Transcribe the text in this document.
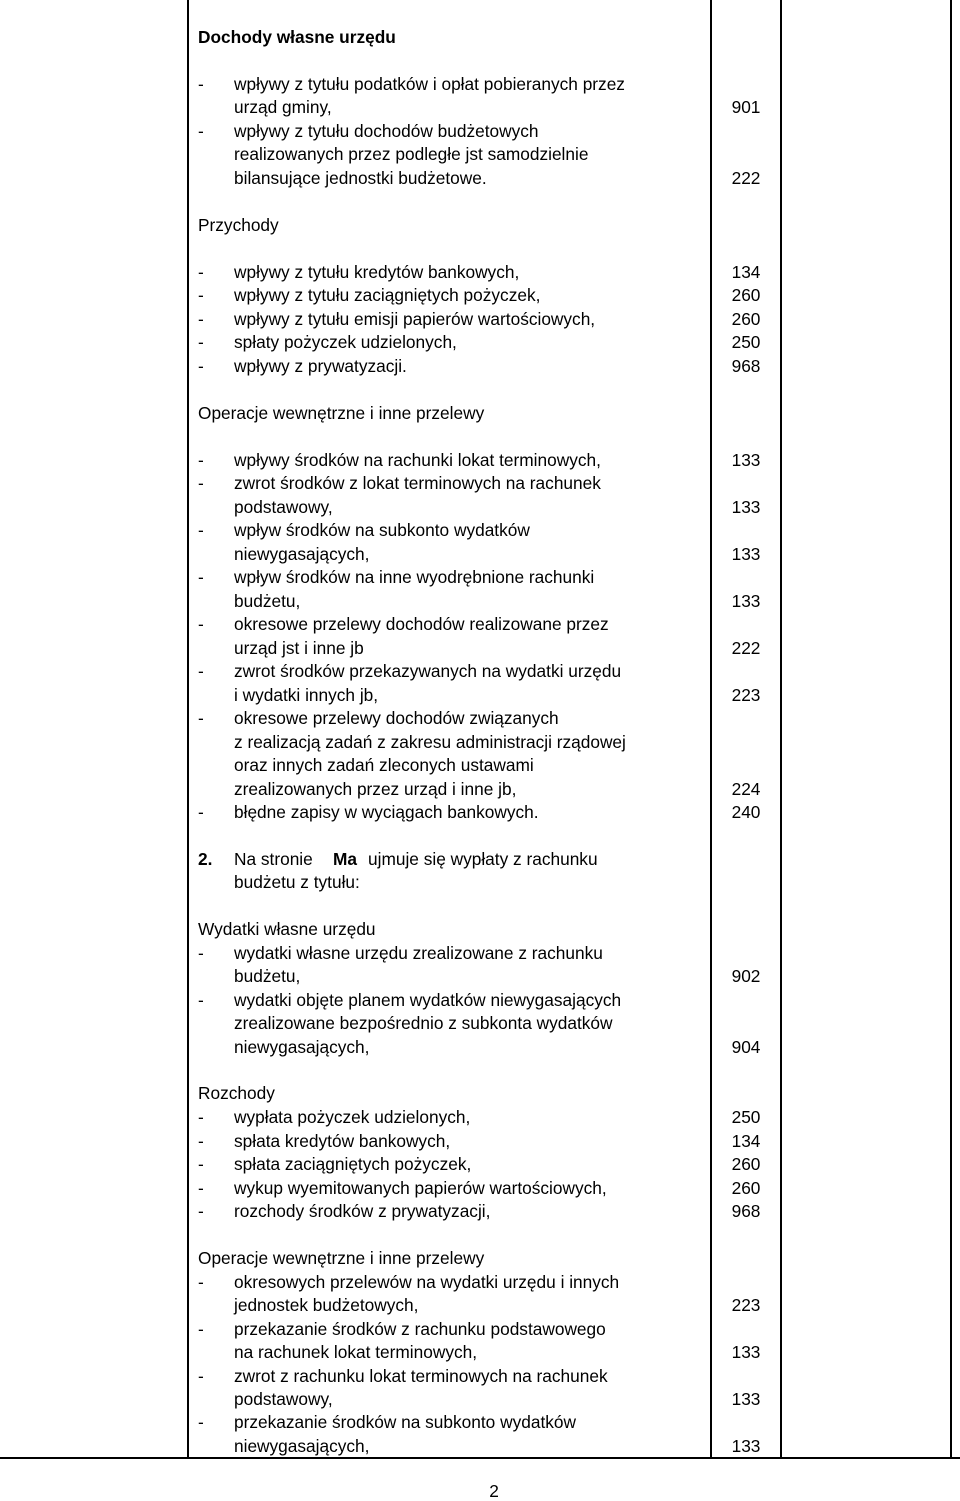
Dochody własne urzędu
- wpływy z tytułu podatków i opłat pobieranych przez
urząd gminy,
- wpływy z tytułu dochodów budżetowych
realizowanych przez podległe jst samodzielnie
bilansujące jednostki budżetowe.
Przychody
- wpływy z tytułu kredytów bankowych,
- wpływy z tytułu zaciągniętych pożyczek,
- wpływy z tytułu emisji papierów wartościowych,
- spłaty pożyczek udzielonych,
- wpływy z prywatyzacji.
Operacje wewnętrzne i inne przelewy
- wpływy środków na rachunki lokat terminowych,
- zwrot środków z lokat terminowych na rachunek
podstawowy,
- wpływ środków na subkonto wydatków
niewygasających,
- wpływ środków na inne wyodrębnione rachunki
budżetu,
- okresowe przelewy dochodów realizowane przez
urząd jst i inne jb
- zwrot środków przekazywanych na wydatki urzędu
i wydatki innych jb,
- okresowe przelewy dochodów związanych
z realizacją zadań z zakresu administracji rządowej
oraz innych zadań zleconych ustawami
zrealizowanych przez urząd i inne jb,
- błędne zapisy w wyciągach bankowych.
2. Na stronie Ma ujmuje się wypłaty z rachunku
budżetu z tytułu:
Wydatki własne urzędu
- wydatki własne urzędu zrealizowane z rachunku
budżetu,
- wydatki objęte planem wydatków niewygasających
zrealizowane bezpośrednio z subkonta wydatków
niewygasających,
Rozchody
- wypłata pożyczek udzielonych,
- spłata kredytów bankowych,
- spłata zaciągniętych pożyczek,
- wykup wyemitowanych papierów wartościowych,
- rozchody środków z prywatyzacji,
Operacje wewnętrzne i inne przelewy
- okresowych przelewów na wydatki urzędu i innych
jednostek budżetowych,
- przekazanie środków z rachunku podstawowego
na rachunek lokat terminowych,
- zwrot z rachunku lokat terminowych na rachunek
podstawowy,
- przekazanie środków na subkonto wydatków
niewygasających,
901
222
134
260
260
250
968
133
133
133
133
222
223
224
240
902
904
250
134
260
260
968
223
133
133
133
2
